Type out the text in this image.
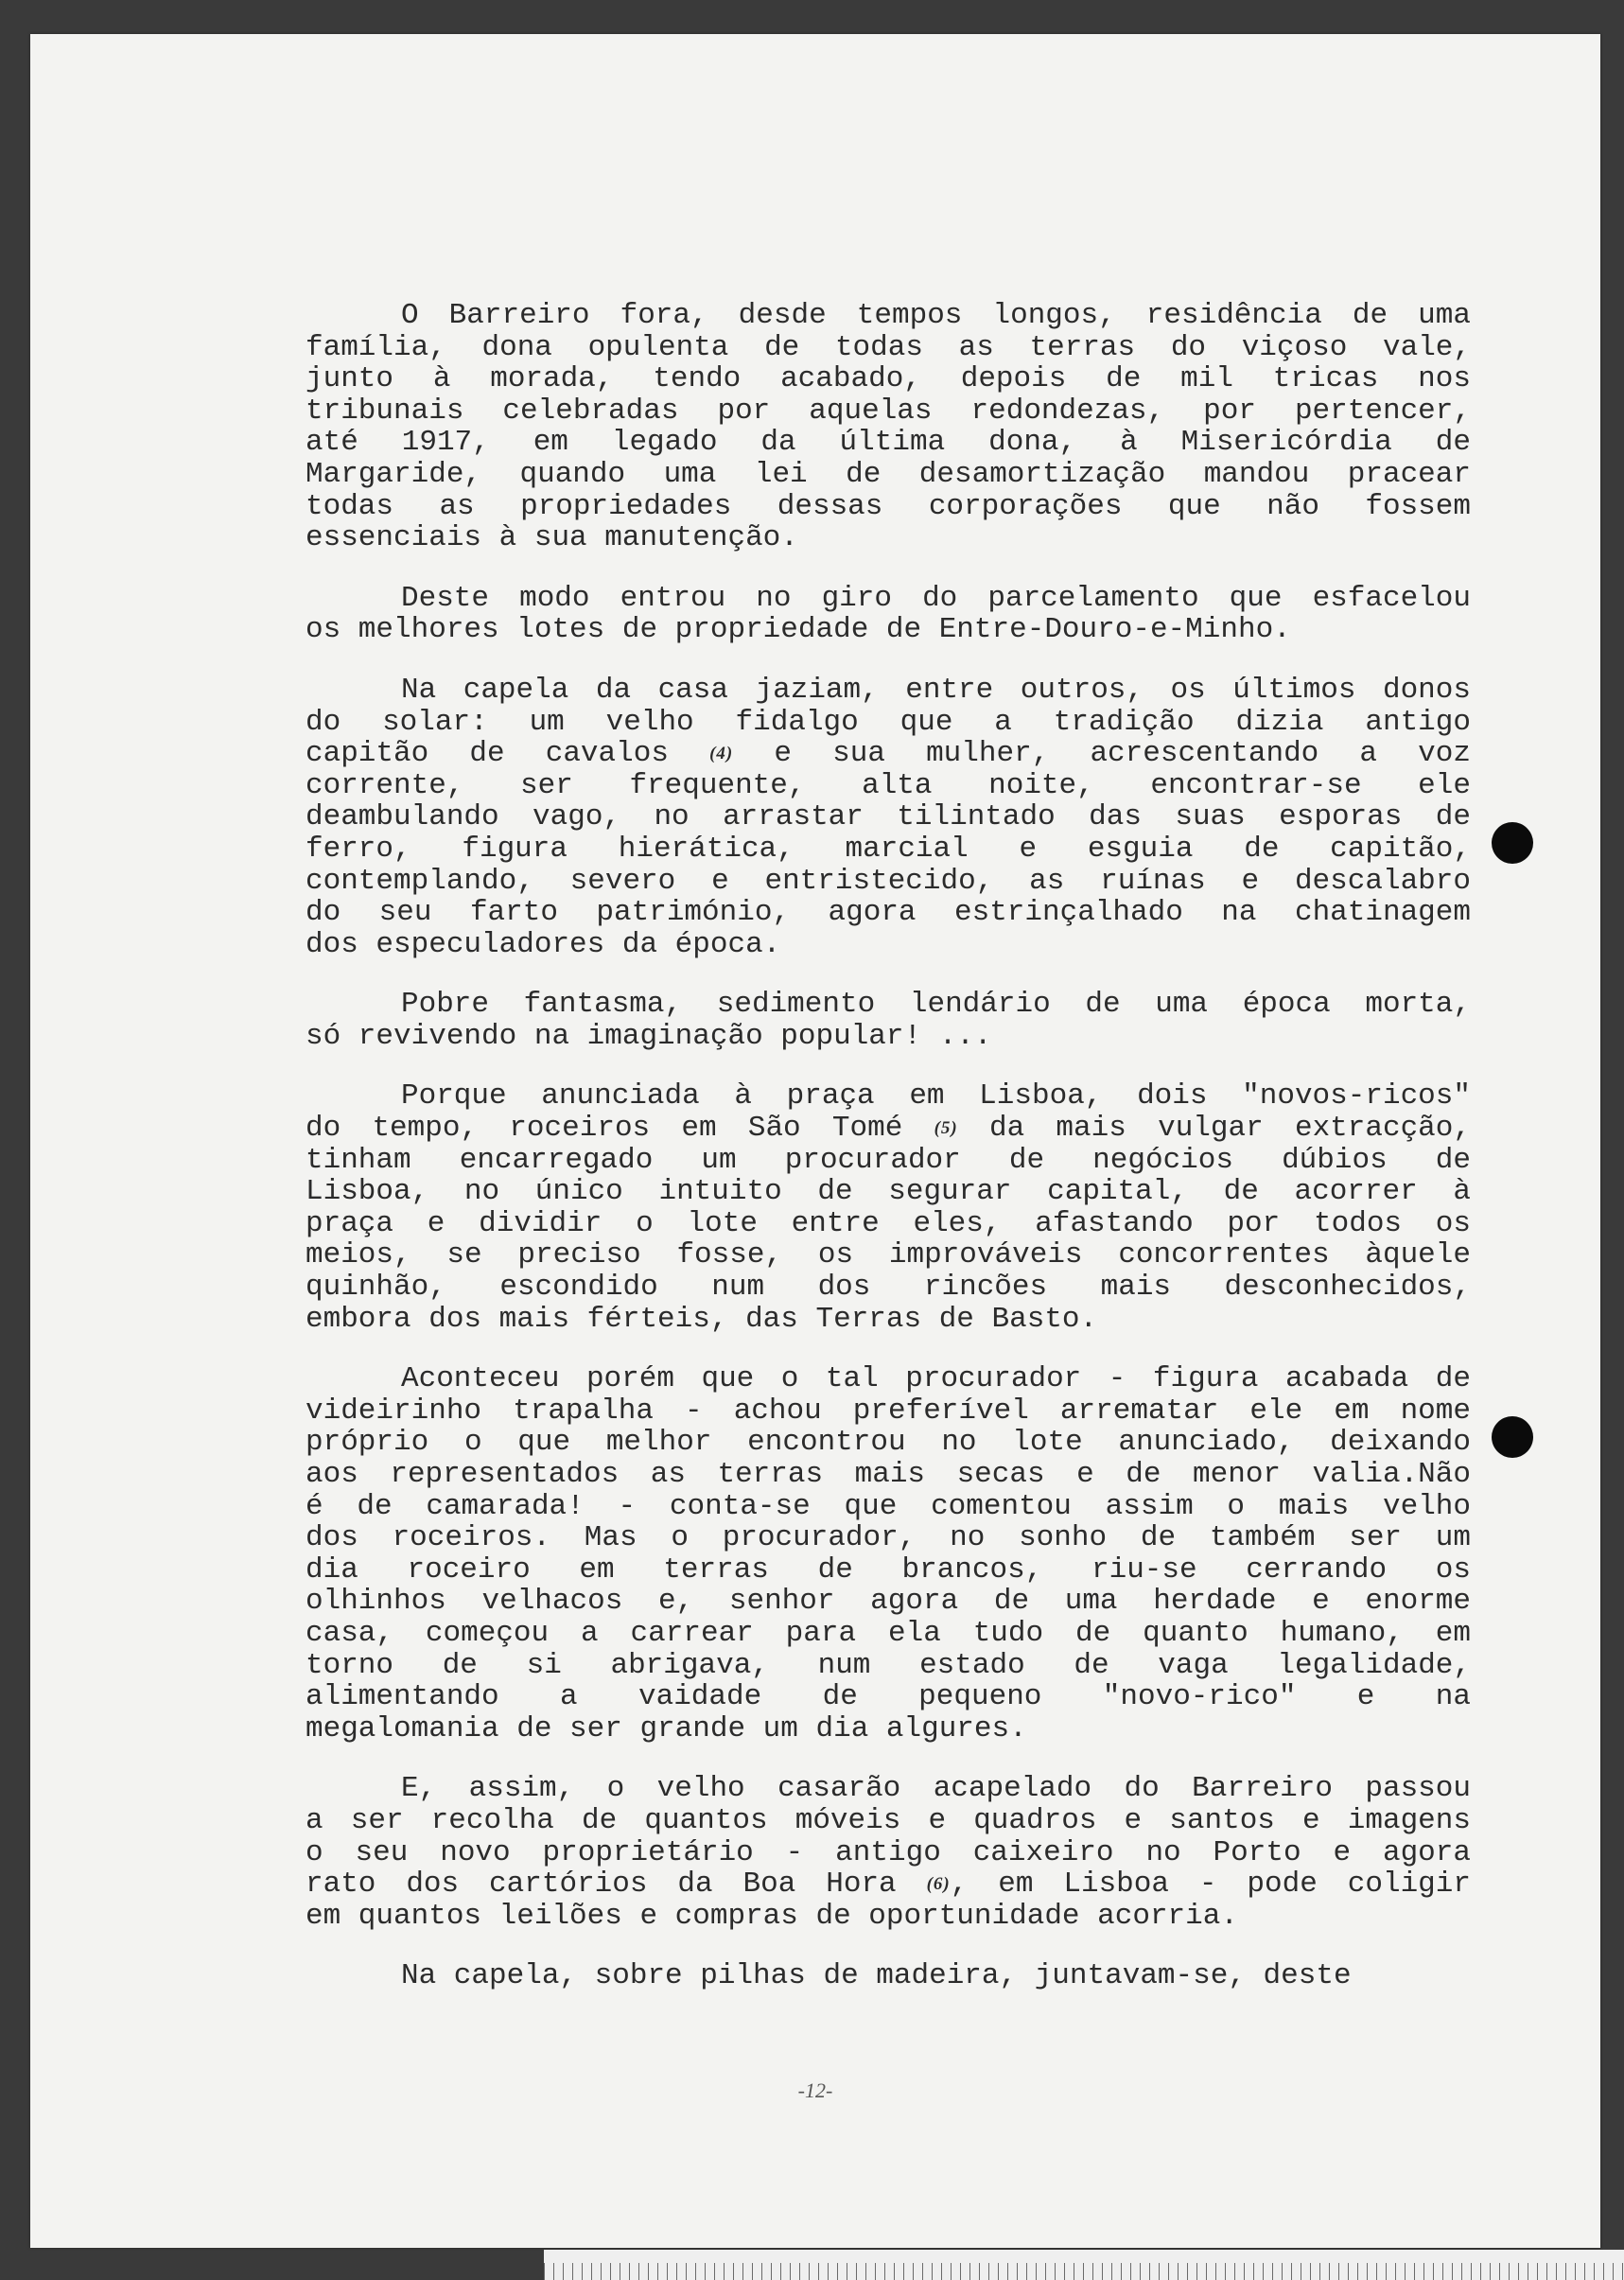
O Barreiro fora, desde tempos longos, residência de uma
família, dona opulenta de todas as terras do viçoso vale,
junto à morada, tendo acabado, depois de mil tricas nos
tribunais celebradas por aquelas redondezas, por pertencer,
até 1917, em legado da última dona, à Misericórdia de
Margaride, quando uma lei de desamortização mandou pracear
todas as propriedades dessas corporações que não fossem
essenciais à sua manutenção.
Deste modo entrou no giro do parcelamento que esfacelou
os melhores lotes de propriedade de Entre-Douro-e-Minho.
Na capela da casa jaziam, entre outros, os últimos donos
do solar: um velho fidalgo que a tradição dizia antigo
capitão de cavalos (4) e sua mulher, acrescentando a voz
corrente, ser frequente, alta noite, encontrar-se ele
deambulando vago, no arrastar tilintado das suas esporas de
ferro, figura hierática, marcial e esguia de capitão,
contemplando, severo e entristecido, as ruínas e descalabro
do seu farto património, agora estrinçalhado na chatinagem
dos especuladores da época.
Pobre fantasma, sedimento lendário de uma época morta,
só revivendo na imaginação popular! ...
Porque anunciada à praça em Lisboa, dois "novos-ricos"
do tempo, roceiros em São Tomé (5) da mais vulgar extracção,
tinham encarregado um procurador de negócios dúbios de
Lisboa, no único intuito de segurar capital, de acorrer à
praça e dividir o lote entre eles, afastando por todos os
meios, se preciso fosse, os improváveis concorrentes àquele
quinhão, escondido num dos rincões mais desconhecidos,
embora dos mais férteis, das Terras de Basto.
Aconteceu porém que o tal procurador - figura acabada de
videirinho trapalha - achou preferível arrematar ele em nome
próprio o que melhor encontrou no lote anunciado, deixando
aos representados as terras mais secas e de menor valia.Não
é de camarada! - conta-se que comentou assim o mais velho
dos roceiros. Mas o procurador, no sonho de também ser um
dia roceiro em terras de brancos, riu-se cerrando os
olhinhos velhacos e, senhor agora de uma herdade e enorme
casa, começou a carrear para ela tudo de quanto humano, em
torno de si abrigava, num estado de vaga legalidade,
alimentando a vaidade de pequeno "novo-rico" e na
megalomania de ser grande um dia algures.
E, assim, o velho casarão acapelado do Barreiro passou
a ser recolha de quantos móveis e quadros e santos e imagens
o seu novo proprietário - antigo caixeiro no Porto e agora
rato dos cartórios da Boa Hora (6), em Lisboa - pode coligir
em quantos leilões e compras de oportunidade acorria.
Na capela, sobre pilhas de madeira, juntavam-se, deste
-12-
